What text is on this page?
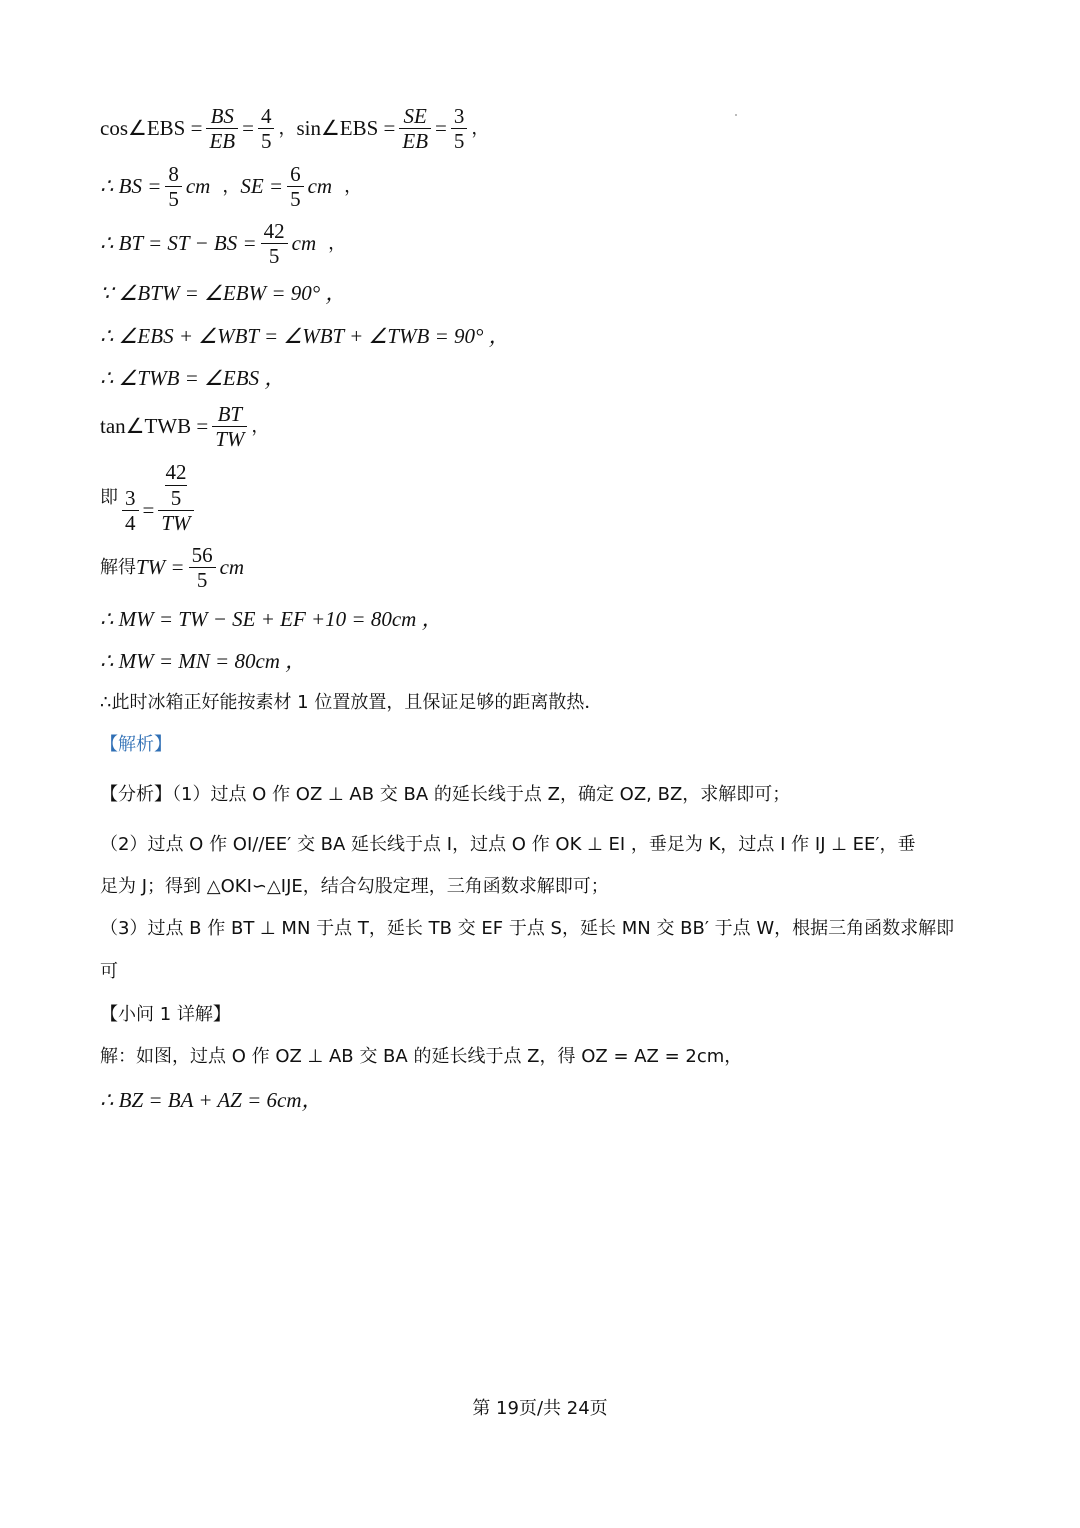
cos∠EBS = $\frac{BS}{EB} = \frac{4}{5}$ ， sin∠EBS = $\frac{SE}{EB} = \frac{3}{5}$ ，
∴ BS = $\frac{8}{5}$ cm ， SE = $\frac{6}{5}$ cm ，
∴ BT = ST − BS = $\frac{42}{5}$ cm ，
∵ ∠BTW = ∠EBW = 90° ，
∴ ∠EBS + ∠WBT = ∠WBT + ∠TWB = 90° ，
∴ ∠TWB = ∠EBS ，
tan∠TWB = $\frac{BT}{TW}$ ，
即 $\frac{3}{4}$ =
42
5
TW
解得 TW = $\frac{56}{5}$ cm
∴ MW = TW − SE + EF +10 = 80cm ，
∴ MW = MN = 80cm ，
∴此时冰箱正好能按素材 1 位置放置，且保证足够的距离散热．
【解析】
【分析】（1）过点 O 作 OZ ⊥ AB 交 BA 的延长线于点 Z，确定 OZ, BZ，求解即可；
（2）过点 O 作 OI//EE′ 交 BA 延长线于点 I，过点 O 作 OK ⊥ EI ，垂足为 K，过点 I 作 IJ ⊥ EE′，垂
足为 J；得到 △OKI∽△IJE，结合勾股定理，三角函数求解即可；
（3）过点 B 作 BT ⊥ MN 于点 T，延长 TB 交 EF 于点 S，延长 MN 交 BB′ 于点 W，根据三角函数求解即
可
【小问 1 详解】
解：如图，过点 O 作 OZ ⊥ AB 交 BA 的延长线于点 Z，得 OZ = AZ = 2cm，
∴ BZ = BA + AZ = 6cm，
第 19页/共 24页
